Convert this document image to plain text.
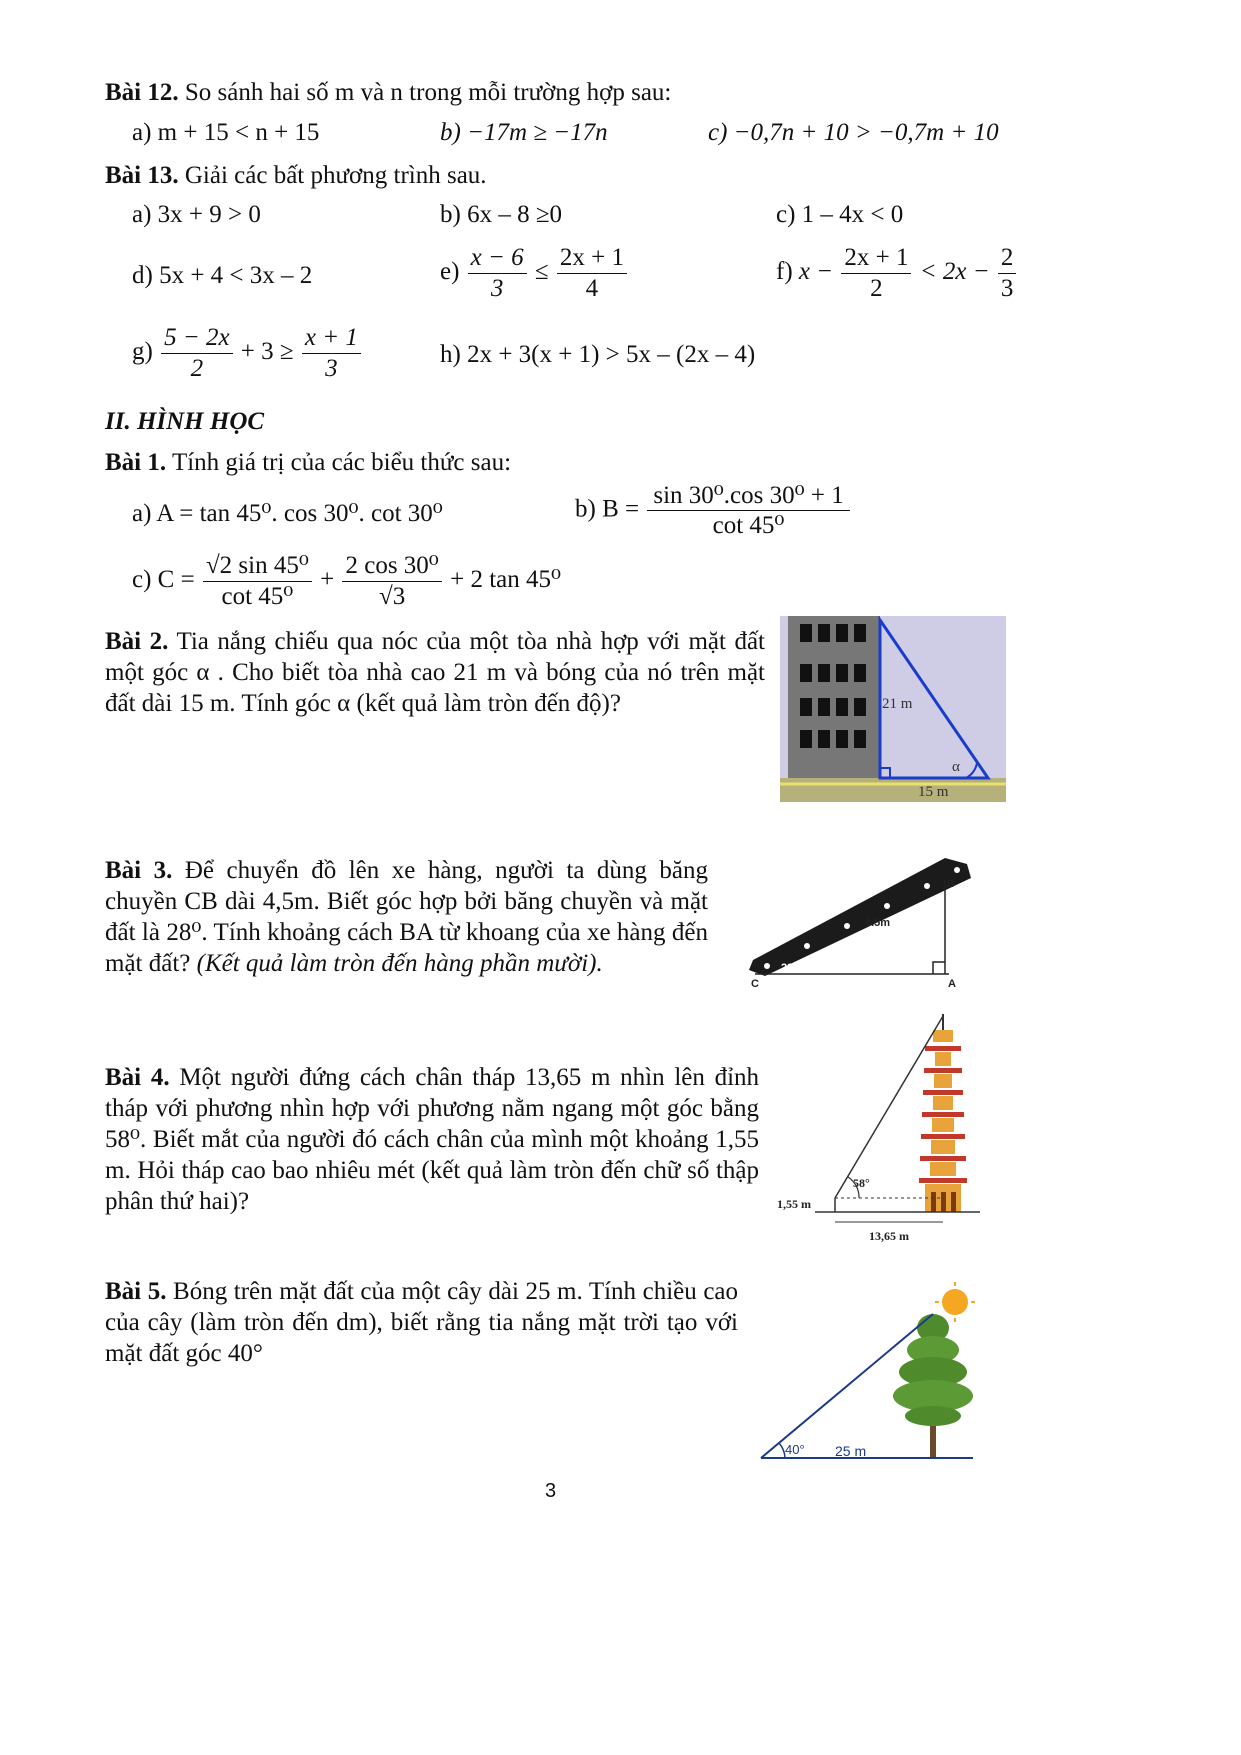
Bài 12. So sánh hai số m và n trong mỗi trường hợp sau:
a) m + 15 < n + 15	b) −17m ≥ −17n	c) −0,7n + 10 > −0,7m + 10
Bài 13. Giải các bất phương trình sau.
a) 3x + 9 > 0	b) 6x – 8 ≥0	c) 1 – 4x < 0
d) 5x + 4 < 3x – 2	$e) \frac{x - 6}{3} \le \frac{2x + 1}{4}$	f) $x - \frac{2x + 1}{2} < 2x - \frac{2}{3}$
$g) \frac{5 - 2x}{2} + 3 \ge \frac{x + 1}{3}$	h) 2x + 3(x + 1) > 5x – (2x – 4)
II. HÌNH HỌC
Bài 1. Tính giá trị của các biểu thức sau:
a) A = tan 45⁰. cos 30⁰. cot 30⁰	b) $B = \frac{\text{sin 30⁰.cos 30⁰ + 1}}{\text{cot 45⁰}}$
c) $C = \frac{\text{√2 sin 45⁰}}{\text{cot 45⁰}} + \frac{\text{2 cos 30⁰}}{√3} + 2$ tan 45⁰
Bài 2. Tia nắng chiếu qua nóc của một tòa nhà hợp với mặt đất một góc α . Cho biết tòa nhà cao 21 m và bóng của nó trên mặt đất dài 15 m. Tính góc α (kết quả làm tròn đến độ)?	21 m
α
15 m
Bài 3. Để chuyển đồ lên xe hàng, người ta dùng băng chuyền CB dài 4,5m. Biết góc hợp bởi băng chuyền và mặt đất là 28⁰. Tính khoảng cách BA từ khoang của xe hàng đến mặt đất? (Kết quả làm tròn đến hàng phần mười).	28°
4.5m
B
C	A
Bài 4. Một người đứng cách chân tháp 13,65 m nhìn lên đỉnh tháp với phương nhìn hợp với phương nằm ngang một góc bằng 58⁰. Biết mắt của người đó cách chân của mình một khoảng 1,55 m. Hỏi tháp cao bao nhiêu mét (kết quả làm tròn đến chữ số thập phân thứ hai)?
58°
1,55 m
13,65 m
Bài 5. Bóng trên mặt đất của một cây dài 25 m. Tính chiều cao của cây (làm tròn đến dm), biết rằng tia nắng mặt trời tạo với mặt đất góc 40°
40° 25 m
3
